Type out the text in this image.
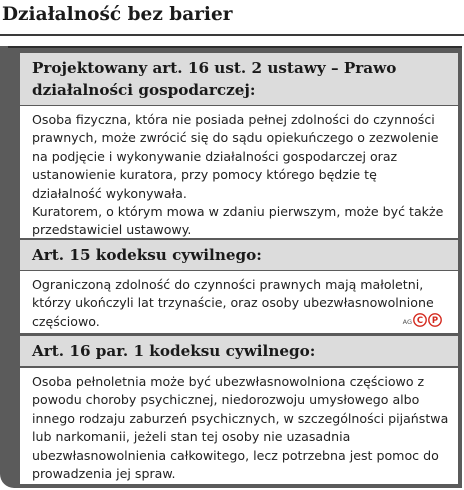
Działalność bez barier
Projektowany art. 16 ust. 2 ustawy – Prawo działalności gospodarczej:

Osoba fizyczna, która nie posiada pełnej zdolności do czynności prawnych, może zwrócić się do sądu opiekuńczego o zezwolenie na podjęcie i wykonywanie działalności gospodarczej oraz ustanowienie kuratora, przy pomocy którego będzie tę działalność wykonywała.

Kuratorem, o którym mowa w zdaniu pierwszym, może być także przedstawiciel ustawowy.

Art. 15 kodeksu cywilnego:

Ograniczoną zdolność do czynności prawnych mają małoletni, którzy ukończyli lat trzynaście, oraz osoby ubezwłasnowolnione częściowo.	AG C P
Art. 16 par. 1 kodeksu cywilnego:

Osoba pełnoletnia może być ubezwłasnowolniona częściowo z powodu choroby psychicznej, niedorozwoju umysłowego albo innego rodzaju zaburzeń psychicznych, w szczególności pijaństwa lub narkomanii, jeżeli stan tej osoby nie uzasadnia ubezwłasnowolnienia całkowitego, lecz potrzebna jest pomoc do prowadzenia jej spraw.
